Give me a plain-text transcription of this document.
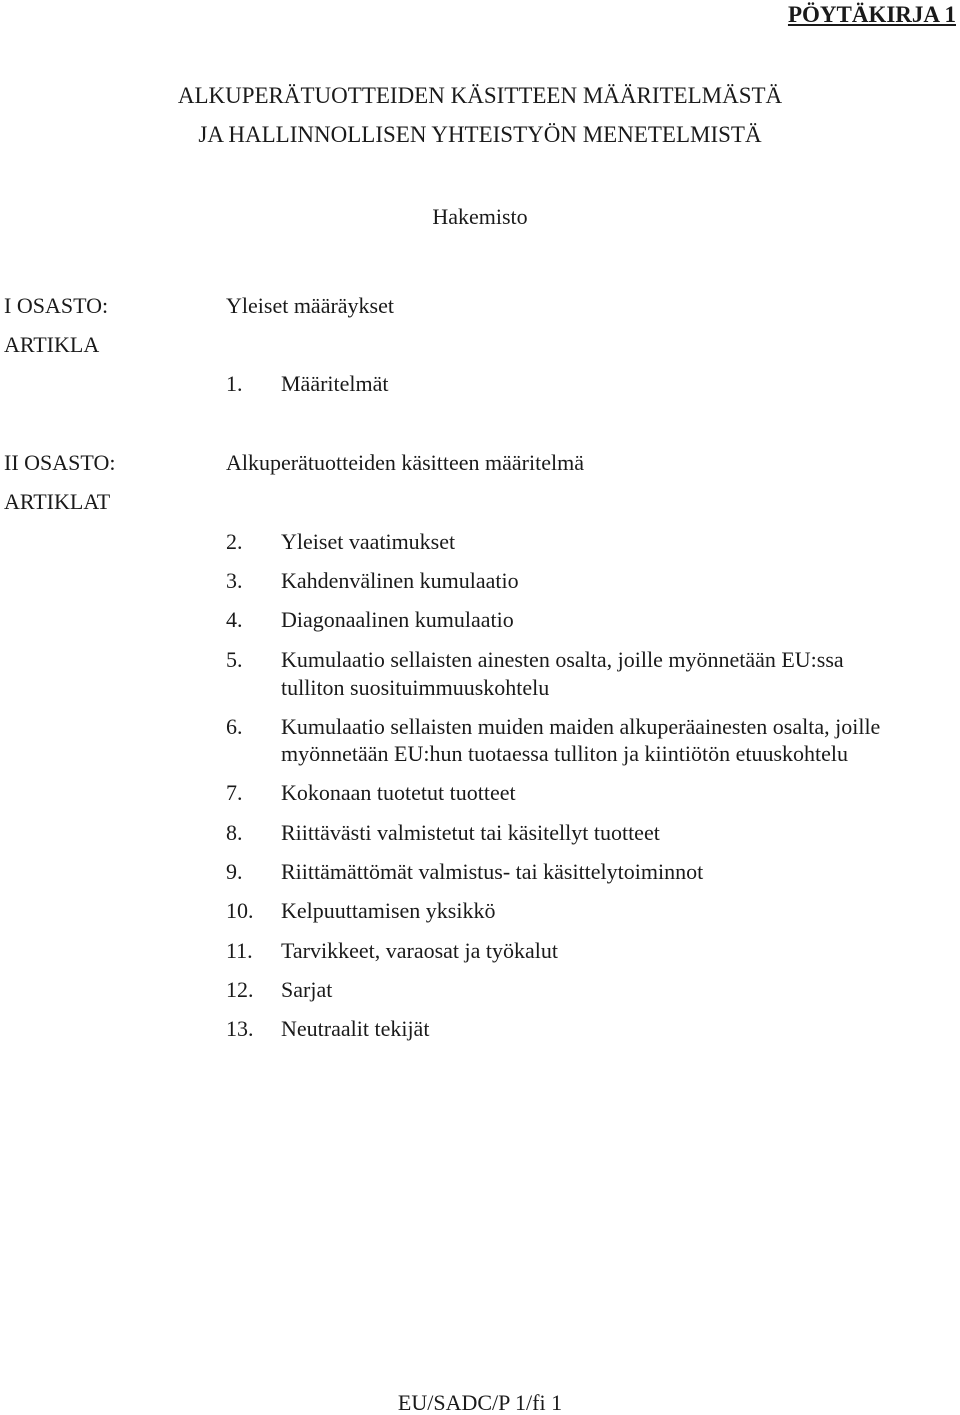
PÖYTÄKIRJA 1
ALKUPERÄTUOTTEIDEN KÄSITTEEN MÄÄRITELMÄSTÄ
JA HALLINNOLLISEN YHTEISTYÖN MENETELMISTÄ
Hakemisto
I OSASTO:	Yleiset määräykset
ARTIKLA
1. Määritelmät
II OSASTO:	Alkuperätuotteiden käsitteen määritelmä
ARTIKLAT
2. Yleiset vaatimukset
3. Kahdenvälinen kumulaatio
4. Diagonaalinen kumulaatio
5. Kumulaatio sellaisten ainesten osalta, joille myönnetään EU:ssa
tulliton suosituimmuuskohtelu
6. Kumulaatio sellaisten muiden maiden alkuperäainesten osalta, joille
myönnetään EU:hun tuotaessa tulliton ja kiintiötön etuuskohtelu
7. Kokonaan tuotetut tuotteet
8. Riittävästi valmistetut tai käsitellyt tuotteet
9. Riittämättömät valmistus- tai käsittelytoiminnot
10. Kelpuuttamisen yksikkö
11. Tarvikkeet, varaosat ja työkalut
12. Sarjat
13. Neutraalit tekijät
EU/SADC/P 1/fi 1
